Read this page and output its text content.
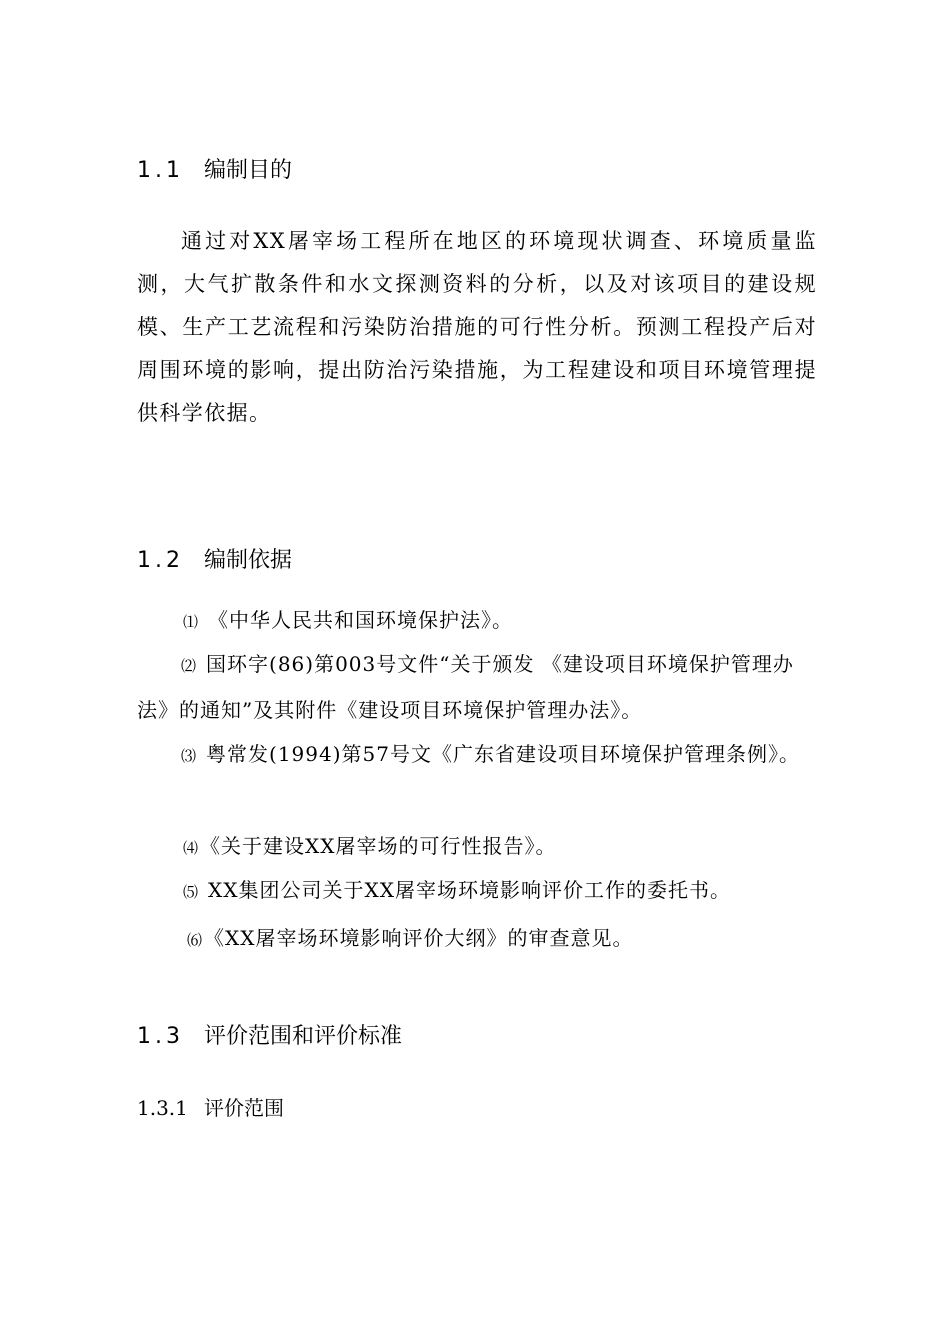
1.1 编制目的

通过对XX屠宰场工程所在地区的环境现状调查、环境质量监测，大气扩散条件和水文探测资料的分析，以及对该项目的建设规模、生产工艺流程和污染防治措施的可行性分析。预测工程投产后对周围环境的影响，提出防治污染措施，为工程建设和项目环境管理提供科学依据。

1.2 编制依据
⑴ 《中华人民共和国环境保护法》。

⑵ 国环字(86)第003号文件“关于颁发 《建设项目环境保护管理办法》的通知”及其附件《建设项目环境保护管理办法》。

⑶ 粤常发(1994)第57号文《广东省建设项目环境保护管理条例》。

⑷ 《关于建设XX屠宰场的可行性报告》。
⑸ XX集团公司关于XX屠宰场环境影响评价工作的委托书。
⑹ 《XX屠宰场环境影响评价大纲》的审查意见。
1.3 评价范围和评价标准
1.3.1 评价范围
